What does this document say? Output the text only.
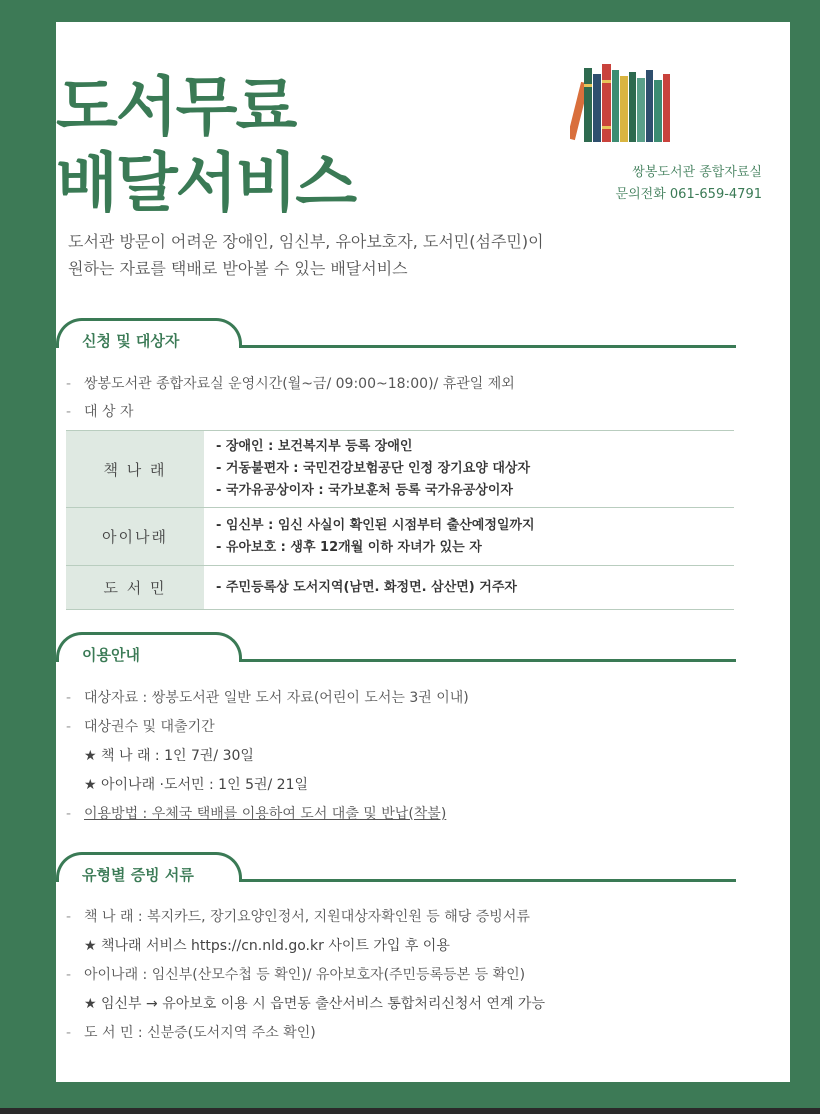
도서무료
배달서비스	쌍봉도서관 종합자료실
문의전화 061-659-4791
도서관 방문이 어려운 장애인, 임신부, 유아보호자, 도서민(섬주민)이
원하는 자료를 택배로 받아볼 수 있는 배달서비스
신청 및 대상자
- 쌍봉도서관 종합자료실 운영시간(월~금/ 09:00~18:00)/ 휴관일 제외
- 대 상 자
책 나 래	- 장애인 : 보건복지부 등록 장애인
- 거동불편자 : 국민건강보험공단 인정 장기요양 대상자
- 국가유공상이자 : 국가보훈처 등록 국가유공상이자

아이나래	- 임신부 : 임신 사실이 확인된 시점부터 출산예정일까지
- 유아보호 : 생후 12개월 이하 자녀가 있는 자

도 서 민	- 주민등록상 도서지역(남면. 화정면. 삼산면) 거주자
이용안내
- 대상자료 : 쌍봉도서관 일반 도서 자료(어린이 도서는 3권 이내)
- 대상권수 및 대출기간
★ 책 나 래 : 1인 7권/ 30일
★ 아이나래 ·도서민 : 1인 5권/ 21일
- 이용방법 : 우체국 택배를 이용하여 도서 대출 및 반납(착불)
유형별 증빙 서류
- 책 나 래 : 복지카드, 장기요양인정서, 지원대상자확인원 등 해당 증빙서류
★ 책나래 서비스 https://cn.nld.go.kr 사이트 가입 후 이용
- 아이나래 : 임신부(산모수첩 등 확인)/ 유아보호자(주민등록등본 등 확인)
★ 임신부 → 유아보호 이용 시 읍면동 출산서비스 통합처리신청서 연계 가능
- 도 서 민 : 신분증(도서지역 주소 확인)
